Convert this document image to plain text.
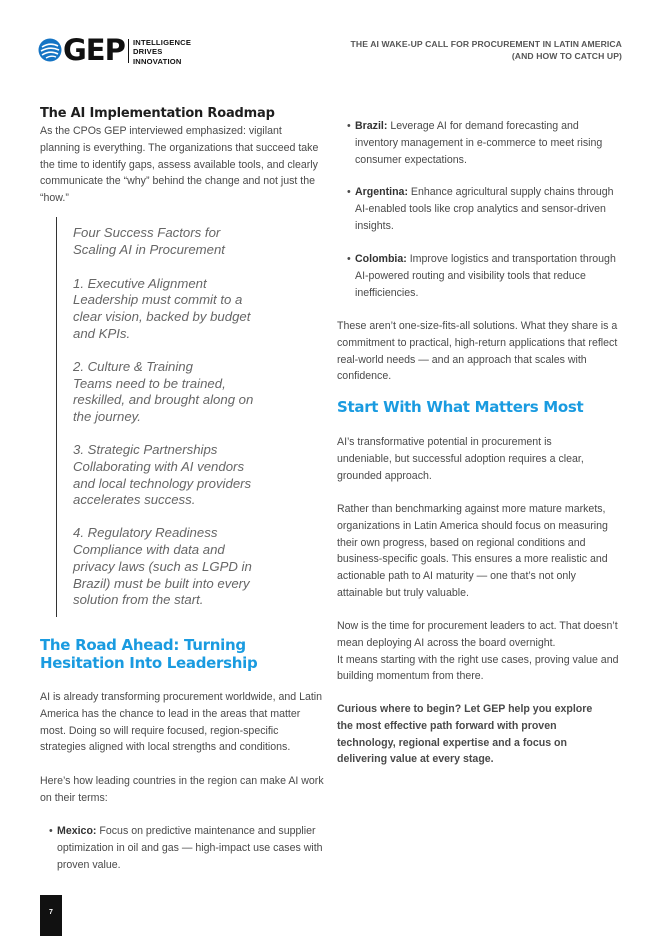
GEP INTELLIGENCE
DRIVES
INNOVATION
THE AI WAKE-UP CALL FOR PROCUREMENT IN LATIN AMERICA
(AND HOW TO CATCH UP)
The AI Implementation Roadmap
As the CPOs GEP interviewed emphasized: vigilant planning is everything. The organizations that succeed take the time to identify gaps, assess available tools, and clearly communicate the “why” behind the change and not just the “how.”
Four Success Factors for Scaling AI in Procurement
1. Executive Alignment
Leadership must commit to a clear vision, backed by budget and KPIs.
2. Culture & Training
Teams need to be trained, reskilled, and brought along on the journey.
3. Strategic Partnerships
Collaborating with AI vendors and local technology providers accelerates success.
4. Regulatory Readiness
Compliance with data and privacy laws (such as LGPD in Brazil) must be built into every solution from the start.
The Road Ahead: Turning Hesitation Into Leadership
AI is already transforming procurement worldwide, and Latin America has the chance to lead in the areas that matter most. Doing so will require focused, region-specific strategies aligned with local strengths and conditions.
Here’s how leading countries in the region can make AI work on their terms:
• Mexico: Focus on predictive maintenance and supplier optimization in oil and gas — high-impact use cases with proven value.
• Brazil: Leverage AI for demand forecasting and inventory management in e-commerce to meet rising consumer expectations.
• Argentina: Enhance agricultural supply chains through AI-enabled tools like crop analytics and sensor-driven insights.
• Colombia: Improve logistics and transportation through AI-powered routing and visibility tools that reduce inefficiencies.
These aren’t one-size-fits-all solutions. What they share is a commitment to practical, high-return applications that reflect real-world needs — and an approach that scales with confidence.
Start With What Matters Most
AI’s transformative potential in procurement is undeniable, but successful adoption requires a clear, grounded approach.
Rather than benchmarking against more mature markets, organizations in Latin America should focus on measuring their own progress, based on regional conditions and business-specific goals. This ensures a more realistic and actionable path to AI maturity — one that’s not only attainable but truly valuable.
Now is the time for procurement leaders to act. That doesn’t mean deploying AI across the board overnight.
It means starting with the right use cases, proving value and building momentum from there.
Curious where to begin? Let GEP help you explore the most effective path forward with proven technology, regional expertise and a focus on delivering value at every stage.
7
